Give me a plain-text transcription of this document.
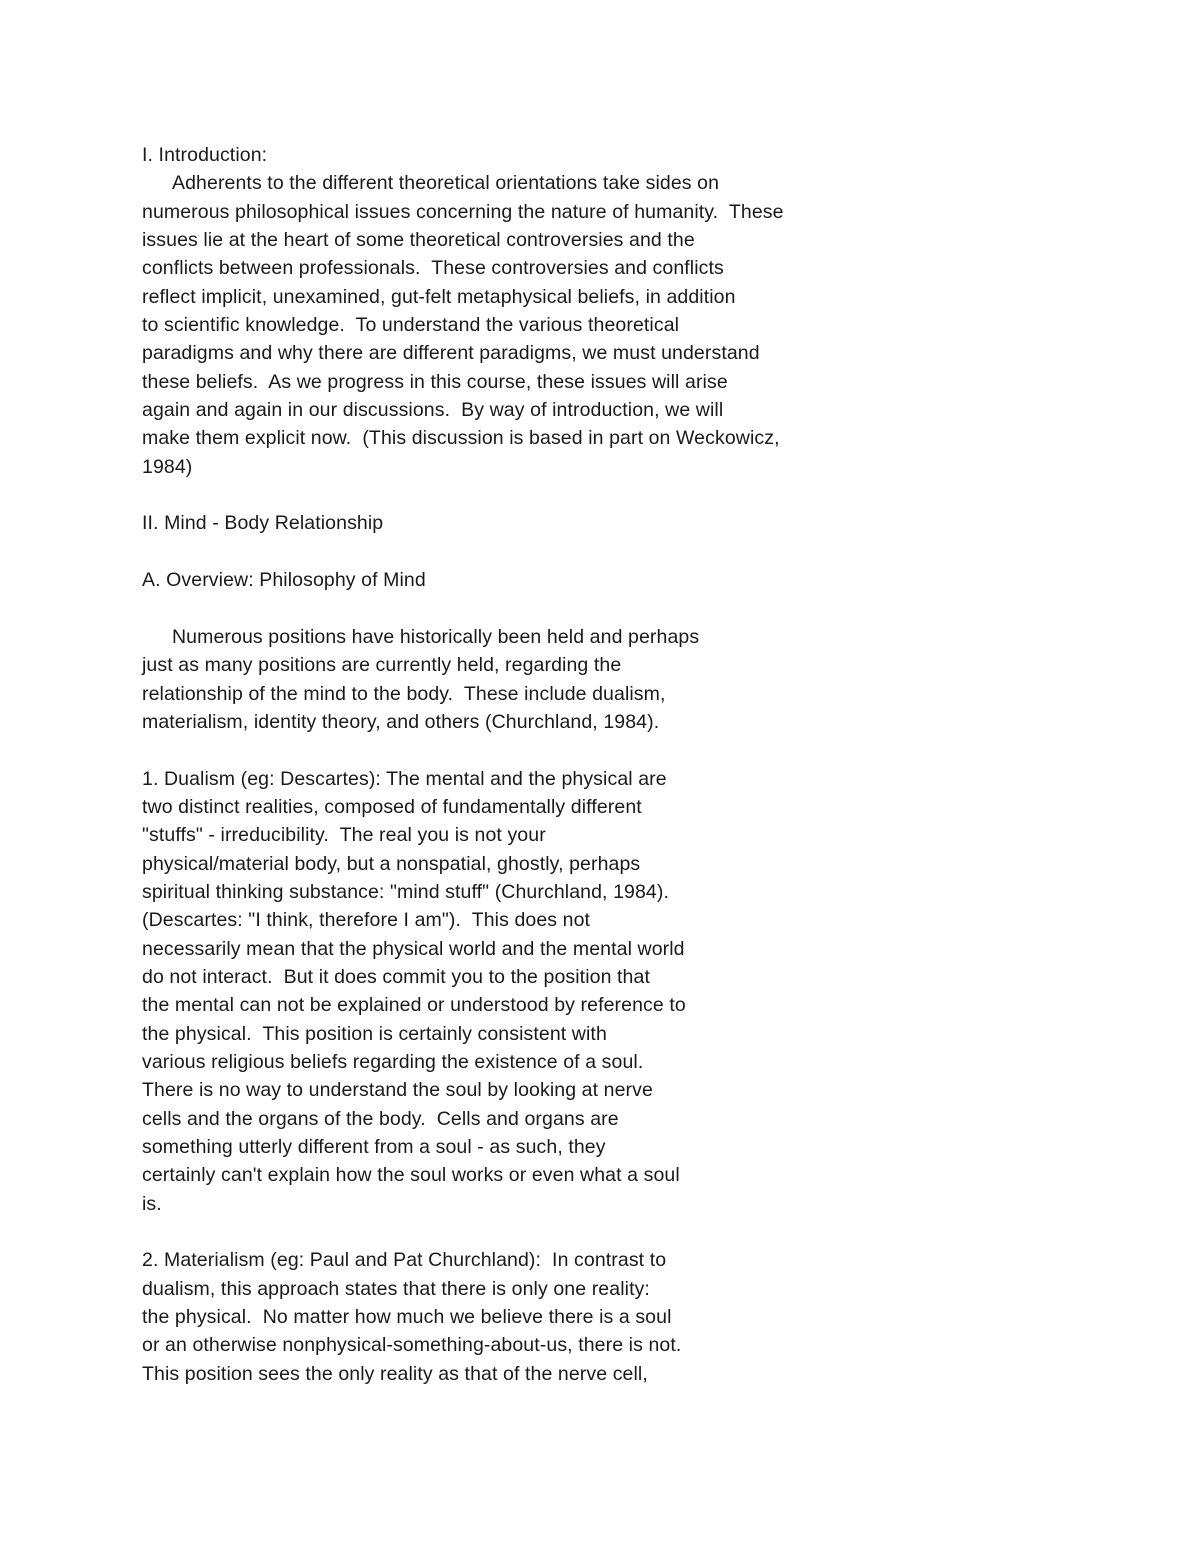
I. Introduction:
Adherents to the different theoretical orientations take sides on
numerous philosophical issues concerning the nature of humanity.  These
issues lie at the heart of some theoretical controversies and the
conflicts between professionals.  These controversies and conflicts
reflect implicit, unexamined, gut-felt metaphysical beliefs, in addition
to scientific knowledge.  To understand the various theoretical
paradigms and why there are different paradigms, we must understand
these beliefs.  As we progress in this course, these issues will arise
again and again in our discussions.  By way of introduction, we will
make them explicit now.  (This discussion is based in part on Weckowicz,
1984)
II. Mind - Body Relationship
A. Overview: Philosophy of Mind
Numerous positions have historically been held and perhaps
just as many positions are currently held, regarding the
relationship of the mind to the body.  These include dualism,
materialism, identity theory, and others (Churchland, 1984).
1. Dualism (eg: Descartes): The mental and the physical are
two distinct realities, composed of fundamentally different
"stuffs" - irreducibility.  The real you is not your
physical/material body, but a nonspatial, ghostly, perhaps
spiritual thinking substance: "mind stuff" (Churchland, 1984).
(Descartes: "I think, therefore I am").  This does not
necessarily mean that the physical world and the mental world
do not interact.  But it does commit you to the position that
the mental can not be explained or understood by reference to
the physical.  This position is certainly consistent with
various religious beliefs regarding the existence of a soul.
There is no way to understand the soul by looking at nerve
cells and the organs of the body.  Cells and organs are
something utterly different from a soul - as such, they
certainly can't explain how the soul works or even what a soul
is.
2. Materialism (eg: Paul and Pat Churchland):  In contrast to
dualism, this approach states that there is only one reality:
the physical.  No matter how much we believe there is a soul
or an otherwise nonphysical-something-about-us, there is not.
This position sees the only reality as that of the nerve cell,
